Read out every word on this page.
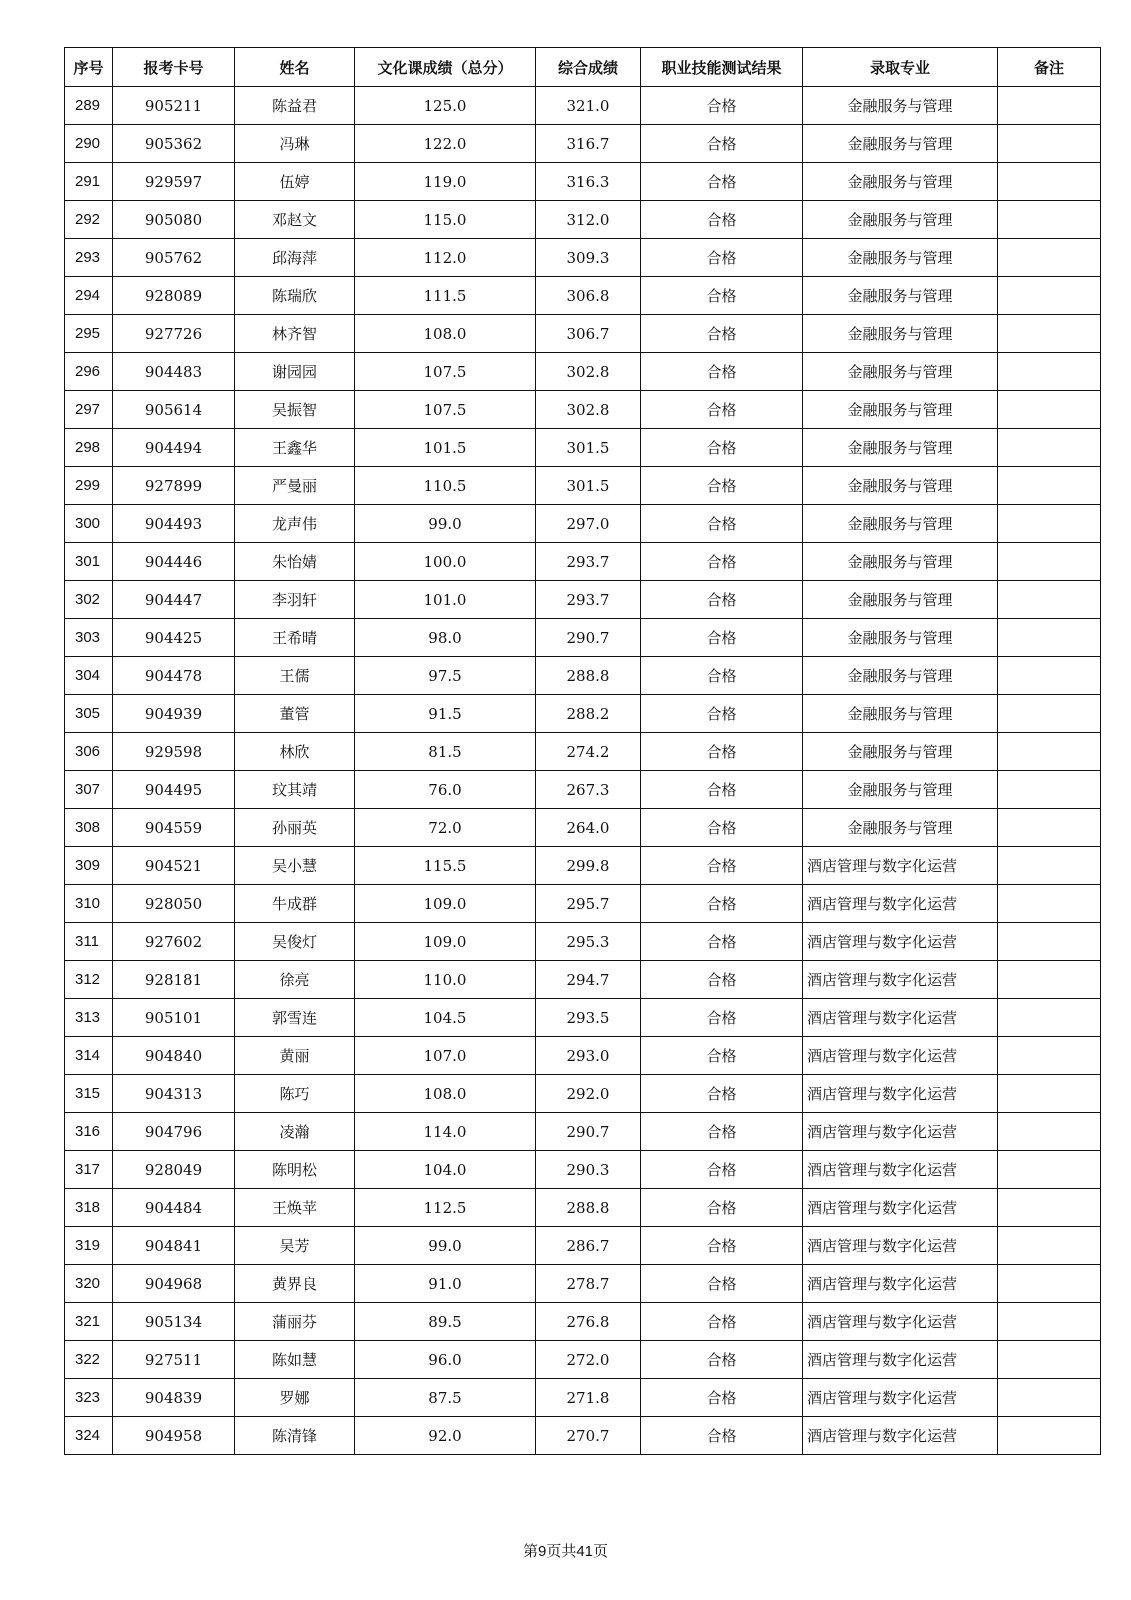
序号	报考卡号	姓名	文化课成绩（总分）	综合成绩	职业技能测试结果	录取专业	备注
289	905211	陈益君	125.0	321.0	合格	金融服务与管理	
290	905362	冯琳	122.0	316.7	合格	金融服务与管理	
291	929597	伍婷	119.0	316.3	合格	金融服务与管理	
292	905080	邓赵文	115.0	312.0	合格	金融服务与管理	
293	905762	邱海萍	112.0	309.3	合格	金融服务与管理	
294	928089	陈瑞欣	111.5	306.8	合格	金融服务与管理	
295	927726	林齐智	108.0	306.7	合格	金融服务与管理	
296	904483	谢园园	107.5	302.8	合格	金融服务与管理	
297	905614	吴振智	107.5	302.8	合格	金融服务与管理	
298	904494	王鑫华	101.5	301.5	合格	金融服务与管理	
299	927899	严曼丽	110.5	301.5	合格	金融服务与管理	
300	904493	龙声伟	99.0	297.0	合格	金融服务与管理	
301	904446	朱怡婧	100.0	293.7	合格	金融服务与管理	
302	904447	李羽轩	101.0	293.7	合格	金融服务与管理	
303	904425	王希晴	98.0	290.7	合格	金融服务与管理	
304	904478	王儒	97.5	288.8	合格	金融服务与管理	
305	904939	董管	91.5	288.2	合格	金融服务与管理	
306	929598	林欣	81.5	274.2	合格	金融服务与管理	
307	904495	玟其靖	76.0	267.3	合格	金融服务与管理	
308	904559	孙丽英	72.0	264.0	合格	金融服务与管理	
309	904521	吴小慧	115.5	299.8	合格	酒店管理与数字化运营	
310	928050	牛成群	109.0	295.7	合格	酒店管理与数字化运营	
311	927602	吴俊灯	109.0	295.3	合格	酒店管理与数字化运营	
312	928181	徐亮	110.0	294.7	合格	酒店管理与数字化运营	
313	905101	郭雪连	104.5	293.5	合格	酒店管理与数字化运营	
314	904840	黄丽	107.0	293.0	合格	酒店管理与数字化运营	
315	904313	陈巧	108.0	292.0	合格	酒店管理与数字化运营	
316	904796	凌瀚	114.0	290.7	合格	酒店管理与数字化运营	
317	928049	陈明松	104.0	290.3	合格	酒店管理与数字化运营	
318	904484	王焕苹	112.5	288.8	合格	酒店管理与数字化运营	
319	904841	吴芳	99.0	286.7	合格	酒店管理与数字化运营	
320	904968	黄界良	91.0	278.7	合格	酒店管理与数字化运营	
321	905134	蒲丽芬	89.5	276.8	合格	酒店管理与数字化运营	
322	927511	陈如慧	96.0	272.0	合格	酒店管理与数字化运营	
323	904839	罗娜	87.5	271.8	合格	酒店管理与数字化运营	
324	904958	陈清锋	92.0	270.7	合格	酒店管理与数字化运营	
第9页共41页
